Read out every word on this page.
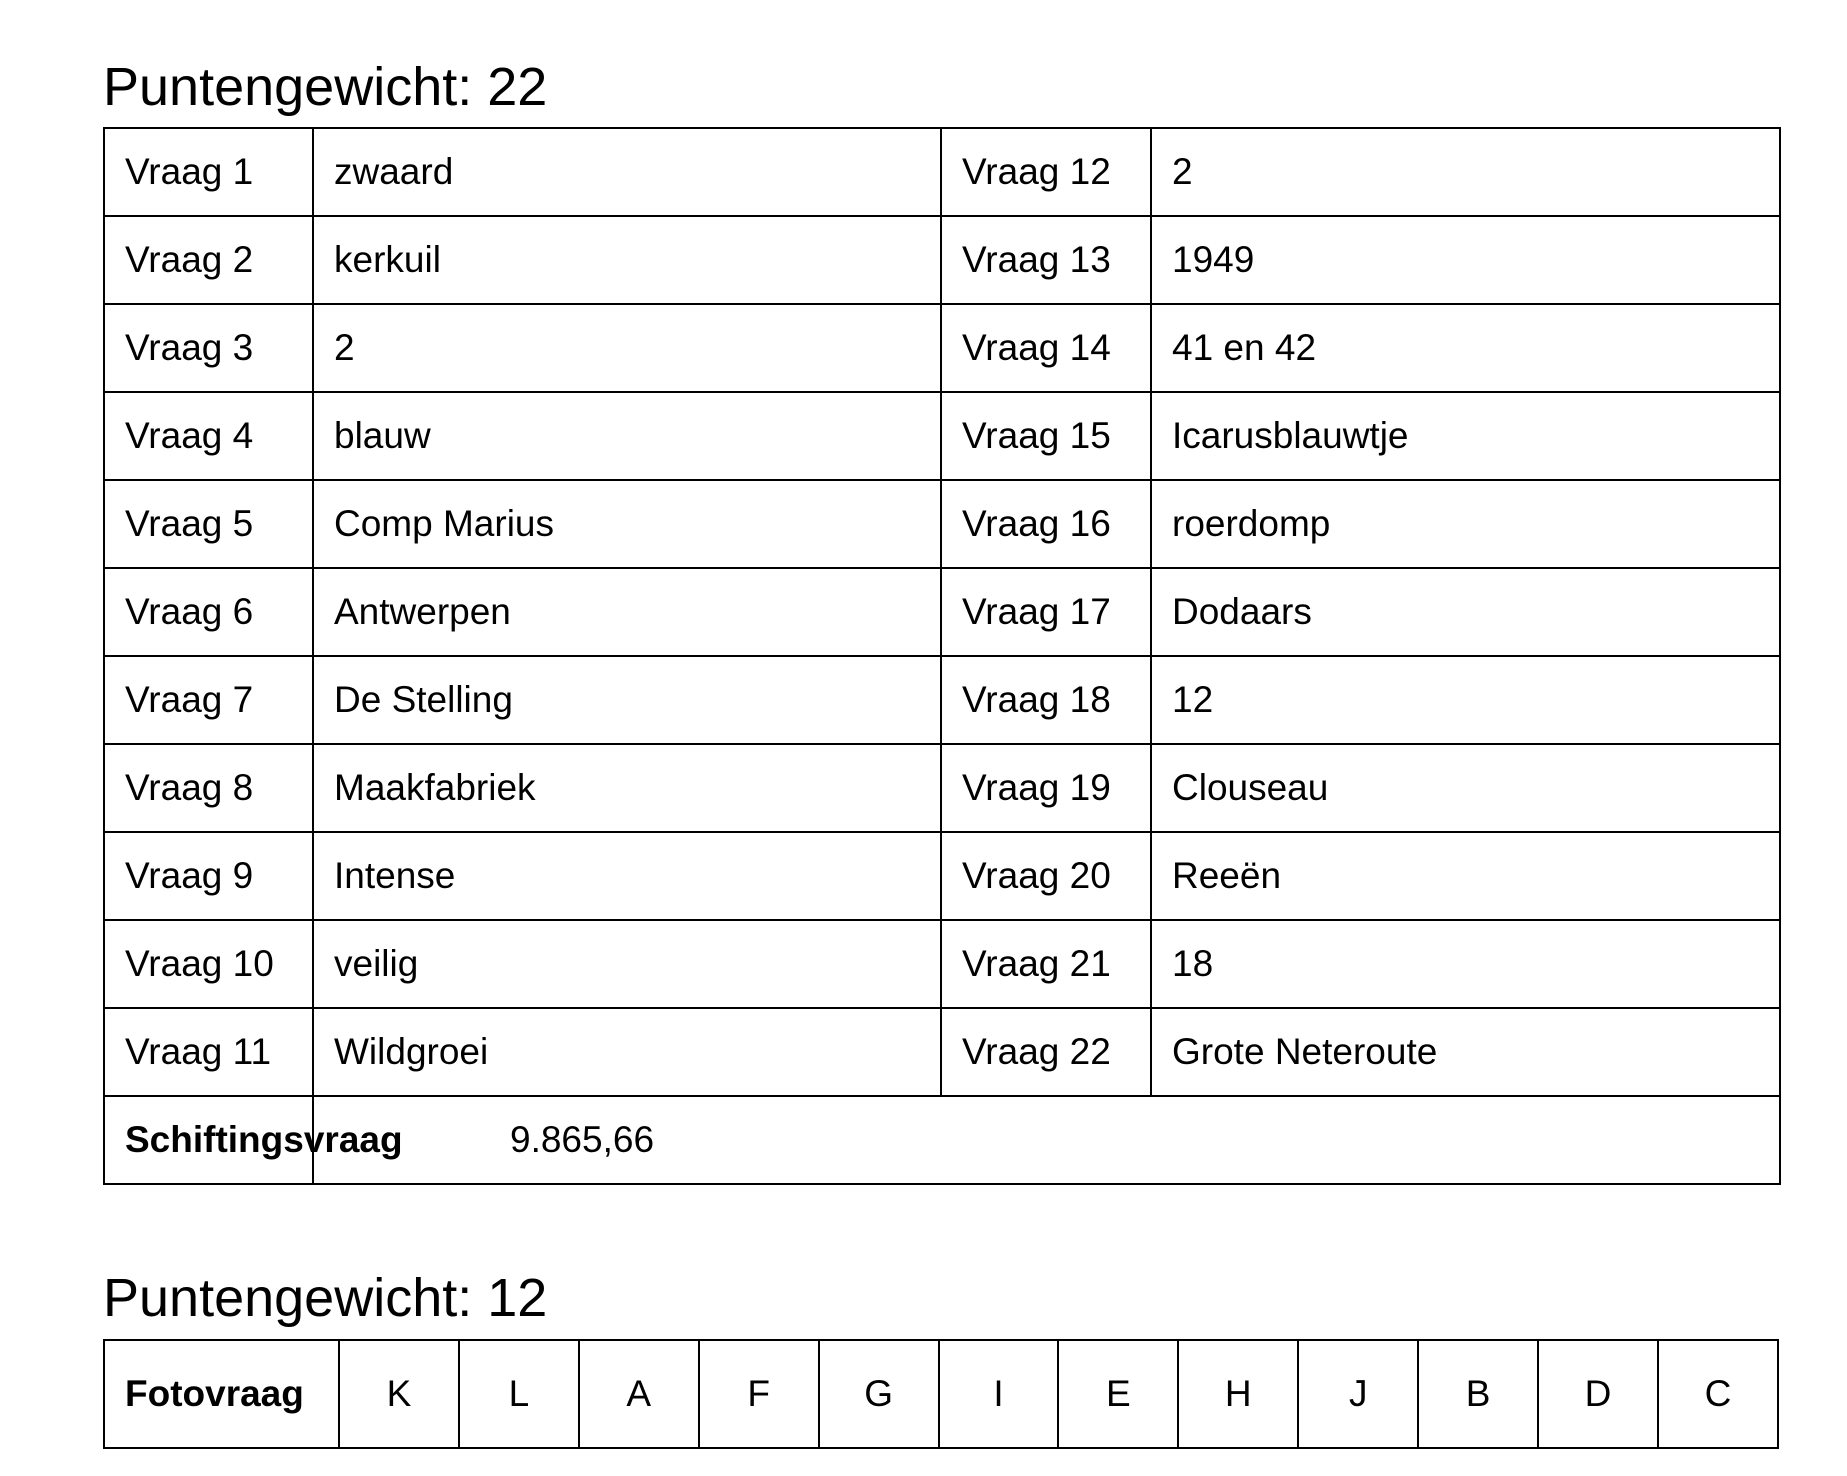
Puntengewicht: 22
Vraag 1	zwaard	Vraag 12	2
Vraag 2	kerkuil	Vraag 13	1949
Vraag 3	2	Vraag 14	41 en 42
Vraag 4	blauw	Vraag 15	Icarusblauwtje
Vraag 5	Comp Marius	Vraag 16	roerdomp
Vraag 6	Antwerpen	Vraag 17	Dodaars
Vraag 7	De Stelling	Vraag 18	12
Vraag 8	Maakfabriek	Vraag 19	Clouseau
Vraag 9	Intense	Vraag 20	Reeën
Vraag 10	veilig	Vraag 21	18
Vraag 11	Wildgroei	Vraag 22	Grote Neteroute
Schiftingsvraag	9.865,66		
Puntengewicht: 12
Fotovraag	K	L	A	F	G	I	E	H	J	B	D	C
